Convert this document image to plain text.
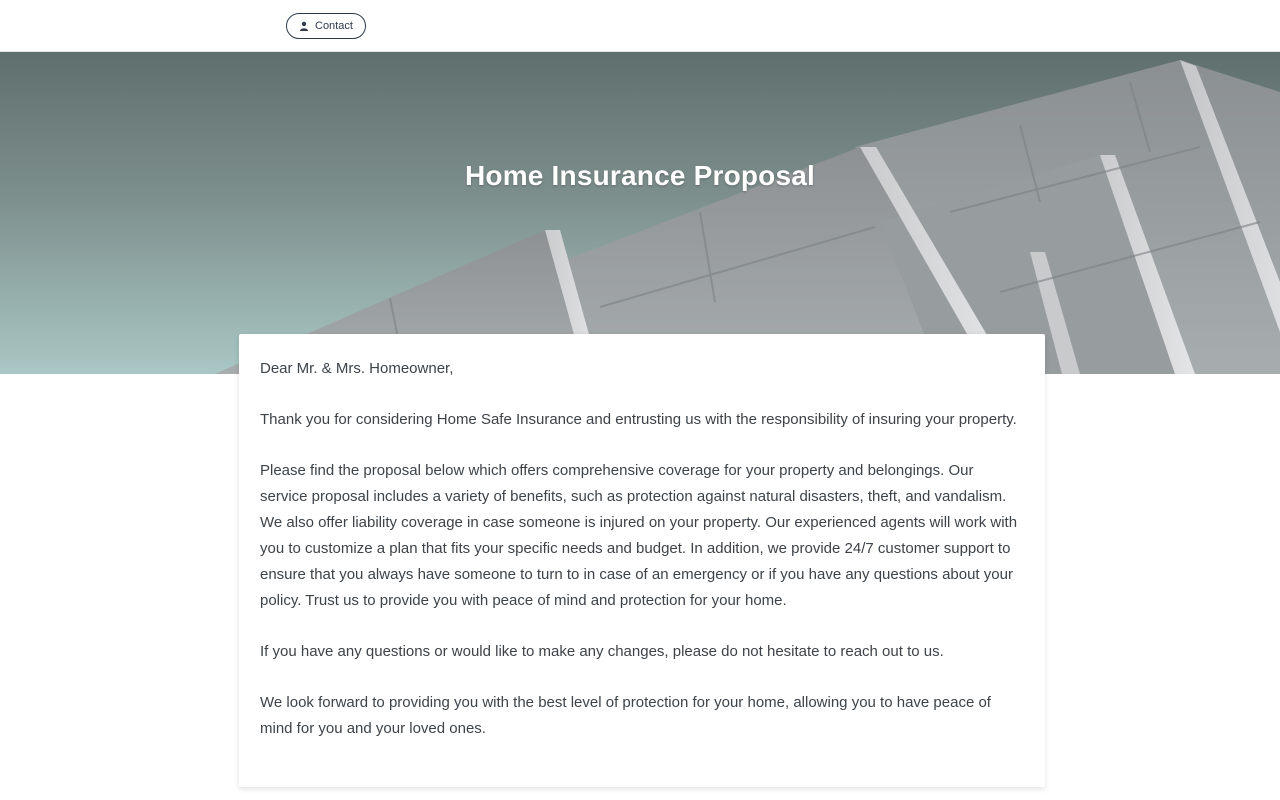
Contact
Home Insurance Proposal

Dear Mr. & Mrs. Homeowner,

Thank you for considering Home Safe Insurance and entrusting us with the responsibility of insuring your property.

Please find the proposal below which offers comprehensive coverage for your property and belongings. Our service proposal includes a variety of benefits, such as protection against natural disasters, theft, and vandalism. We also offer liability coverage in case someone is injured on your property. Our experienced agents will work with you to customize a plan that fits your specific needs and budget. In addition, we provide 24/7 customer support to ensure that you always have someone to turn to in case of an emergency or if you have any questions about your policy. Trust us to provide you with peace of mind and protection for your home.

If you have any questions or would like to make any changes, please do not hesitate to reach out to us.

We look forward to providing you with the best level of protection for your home, allowing you to have peace of mind for you and your loved ones.
